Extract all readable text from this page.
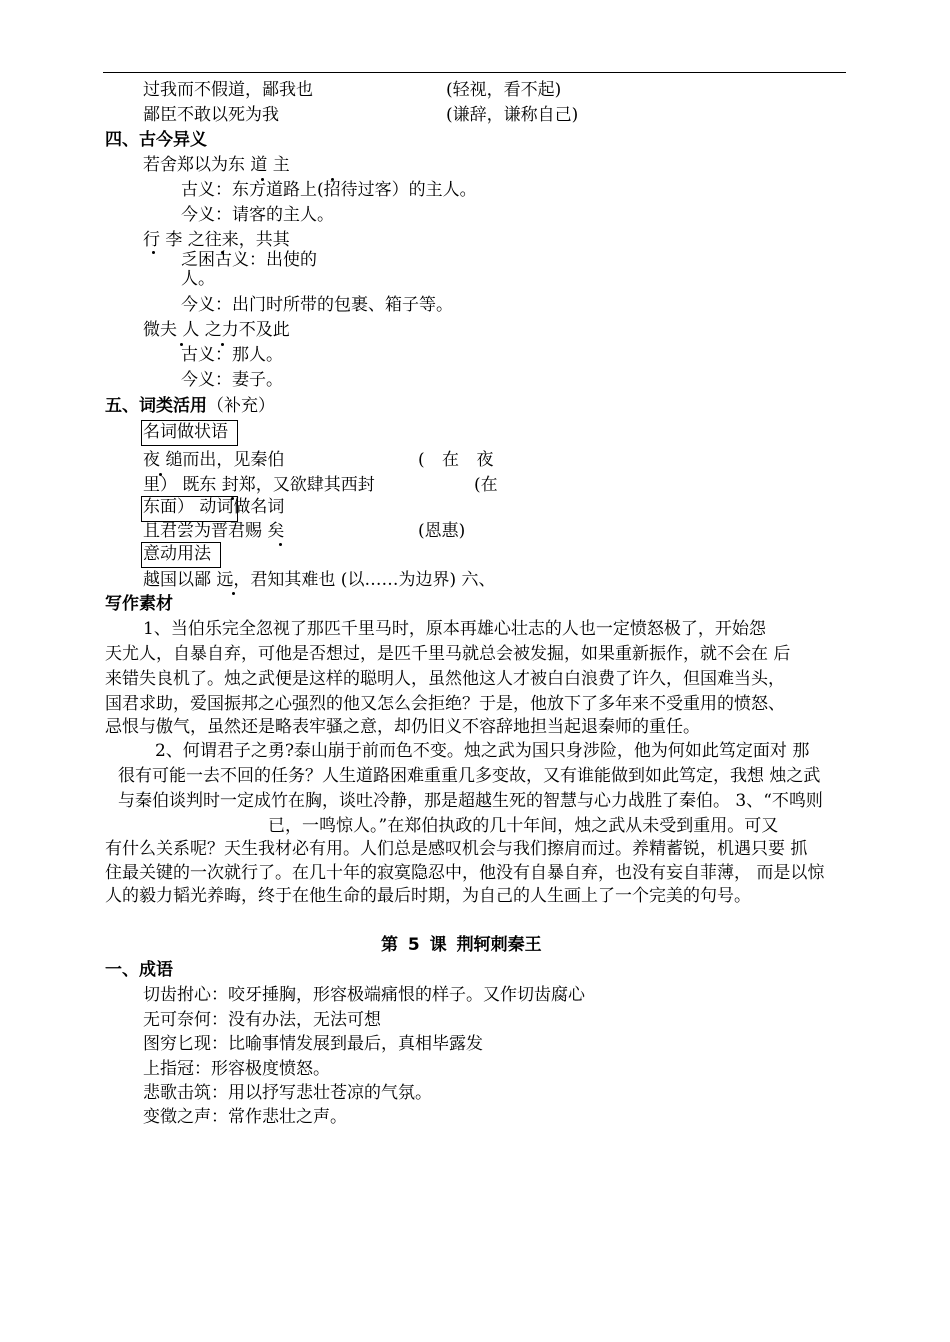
过我而不假道，鄙我也	(轻视，看不起)
鄙臣不敢以死为我	(谦辞，谦称自己)
四、古今异义
若舍郑以为东 道 主
古义：东方道路上(招待过客）的主人。
今义：请客的主人。
行 李 之往来，共其
乏困古义：出使的
人。
今义：出门时所带的包裹、箱子等。
微夫 人 之力不及此
古义：那人。
今义：妻子。
五、词类活用（补充）
名词做状语
夜 缒而出，见秦伯	( 在 夜
里） 既东 封郑，又欲肆其西封	(在
东面） 动词做名词
且君尝为晋君赐 矣	(恩惠)
意动用法
越国以鄙 远，君知其难也 (以……为边界) 六、
写作素材
1、当伯乐完全忽视了那匹千里马时，原本再雄心壮志的人也一定愤怒极了，开始怨
天尤人，自暴自弃，可他是否想过，是匹千里马就总会被发掘，如果重新振作，就不会在 后
来错失良机了。烛之武便是这样的聪明人，虽然他这人才被白白浪费了许久，但国难当头，
国君求助，爱国振邦之心强烈的他又怎么会拒绝？于是，他放下了多年来不受重用的愤怒、
忌恨与傲气，虽然还是略表牢骚之意，却仍旧义不容辞地担当起退秦师的重任。
2、何谓君子之勇?泰山崩于前而色不变。烛之武为国只身涉险，他为何如此笃定面对 那
很有可能一去不回的任务？人生道路困难重重几多变故，又有谁能做到如此笃定，我想 烛之武
与秦伯谈判时一定成竹在胸，谈吐冷静，那是超越生死的智慧与心力战胜了秦伯。 3、“不鸣则
已，一鸣惊人。”在郑伯执政的几十年间，烛之武从未受到重用。可又
有什么关系呢？天生我材必有用。人们总是感叹机会与我们擦肩而过。养精蓄锐，机遇只要 抓
住最关键的一次就行了。在几十年的寂寞隐忍中，他没有自暴自弃，也没有妄自菲薄， 而是以惊
人的毅力韬光养晦，终于在他生命的最后时期，为自己的人生画上了一个完美的句号。
第 5 课 荆轲刺秦王
一、成语
切齿拊心：咬牙捶胸，形容极端痛恨的样子。又作切齿腐心
无可奈何：没有办法，无法可想
图穷匕现：比喻事情发展到最后，真相毕露发
上指冠：形容极度愤怒。
悲歌击筑：用以抒写悲壮苍凉的气氛。
变徵之声：常作悲壮之声。
